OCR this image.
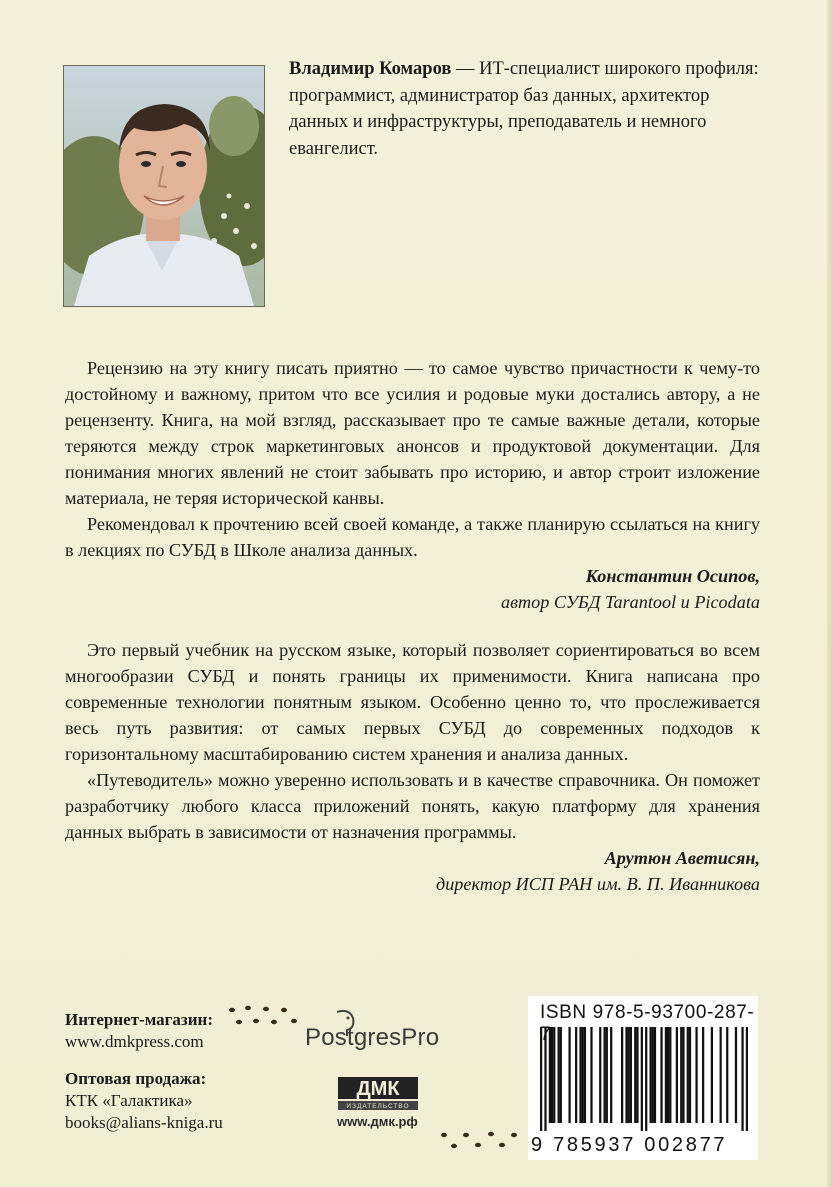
Владимир Комаров — ИТ-специалист широкого профиля: программист, администратор баз данных, архитектор данных и инфраструктуры, преподаватель и немного евангелист.

Рецензию на эту книгу писать приятно — то самое чувство причастности к чему-то достойному и важному, притом что все усилия и родовые муки достались автору, а не рецензенту. Книга, на мой взгляд, рассказывает про те самые важные детали, которые теряются между строк маркетинговых анонсов и продуктовой документации. Для понимания многих явлений не стоит забывать про историю, и автор строит изложение материала, не теряя исторической канвы.

Рекомендовал к прочтению всей своей команде, а также планирую ссылаться на книгу в лекциях по СУБД в Школе анализа данных.

Константин Осипов,
автор СУБД Tarantool и Picodata

Это первый учебник на русском языке, который позволяет сориентироваться во всем многообразии СУБД и понять границы их применимости. Книга написана про современные технологии понятным языком. Особенно ценно то, что прослеживается весь путь развития: от самых первых СУБД до современных подходов к горизонтальному масштабированию систем хранения и анализа данных.

«Путеводитель» можно уверенно использовать и в качестве справочника. Он поможет разработчику любого класса приложений понять, какую платформу для хранения данных выбрать в зависимости от назначения программы.

Арутюн Аветисян,
директор ИСП РАН им. В. П. Иванникова
Интернет-магазин:
www.dmkpress.com
Оптовая продажа:
КТК «Галактика»
books@alians-kniga.ru
PostgresPro
ДМК
ИЗДАТЕЛЬСТВО
www.дмк.рф
ISBN 978-5-93700-287-7
9 785937 002877
